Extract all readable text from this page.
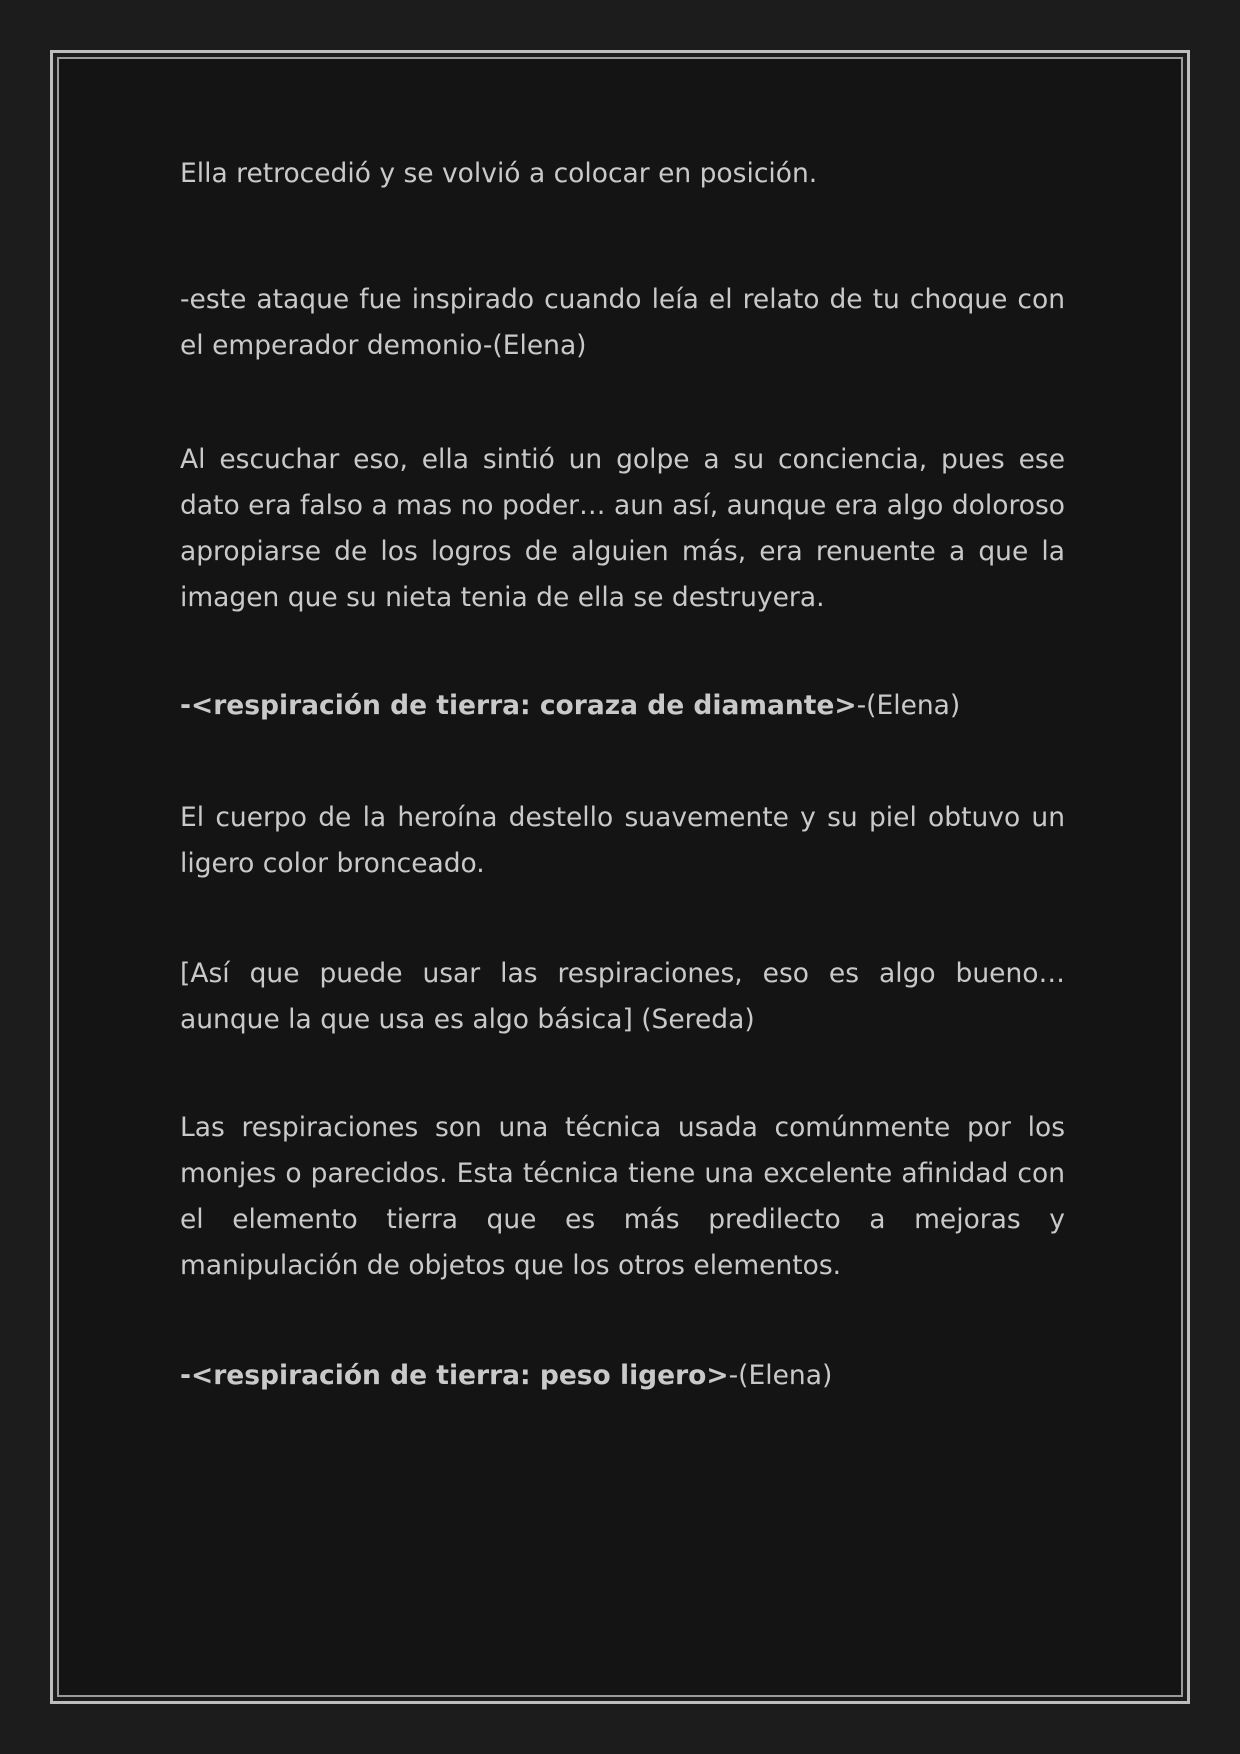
Ella retrocedió y se volvió a colocar en posición.

-este ataque fue inspirado cuando leía el relato de tu choque con el emperador demonio-(Elena)

Al escuchar eso, ella sintió un golpe a su conciencia, pues ese dato era falso a mas no poder… aun así, aunque era algo doloroso apropiarse de los logros de alguien más, era renuente a que la imagen que su nieta tenia de ella se destruyera.

-<respiración de tierra: coraza de diamante>-(Elena)

El cuerpo de la heroína destello suavemente y su piel obtuvo un ligero color bronceado.

[Así que puede usar las respiraciones, eso es algo bueno… aunque la que usa es algo básica] (Sereda)

Las respiraciones son una técnica usada comúnmente por los monjes o parecidos. Esta técnica tiene una excelente afinidad con el elemento tierra que es más predilecto a mejoras y manipulación de objetos que los otros elementos.

-<respiración de tierra: peso ligero>-(Elena)
